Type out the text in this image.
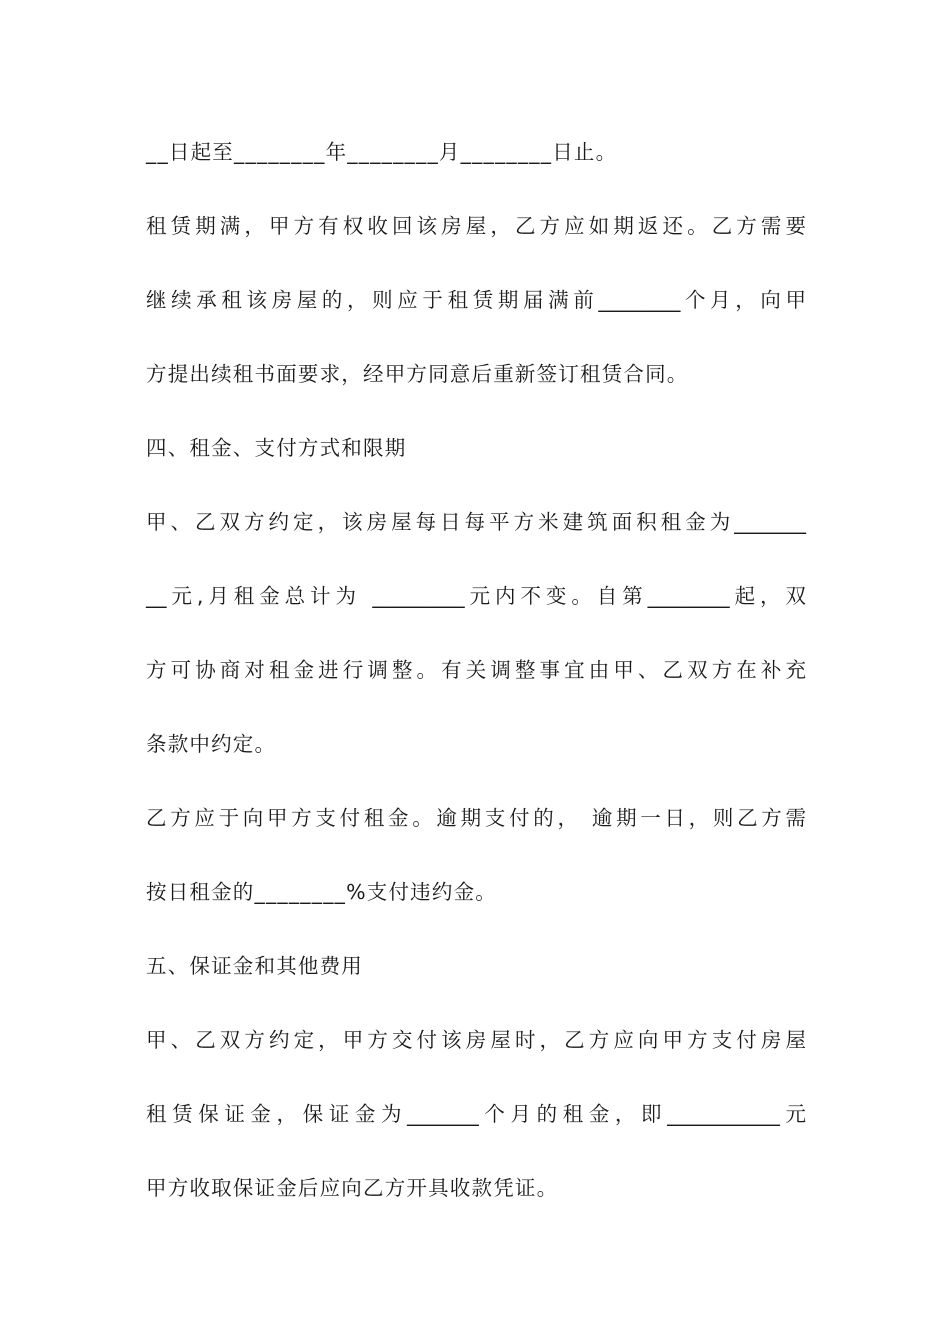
__日起至________年________月________日止。
租赁期满，甲方有权收回该房屋，乙方应如期返还。乙方需要
继续承租该房屋的，则应于租赁期届满前________个月，向甲
方提出续租书面要求，经甲方同意后重新签订租赁合同。
四、租金、支付方式和限期
甲、乙双方约定，该房屋每日每平方米建筑面积租金为_______
__元,月租金总计为 _________元内不变。自第________起，双
方可协商对租金进行调整。有关调整事宜由甲、乙双方在补充
条款中约定。
乙方应于向甲方支付租金。逾期支付的， 逾期一日，则乙方需
按日租金的________%支付违约金。
五、保证金和其他费用
甲、乙双方约定，甲方交付该房屋时，乙方应向甲方支付房屋
租赁保证金，保证金为_______个月的租金，即___________元
甲方收取保证金后应向乙方开具收款凭证。
